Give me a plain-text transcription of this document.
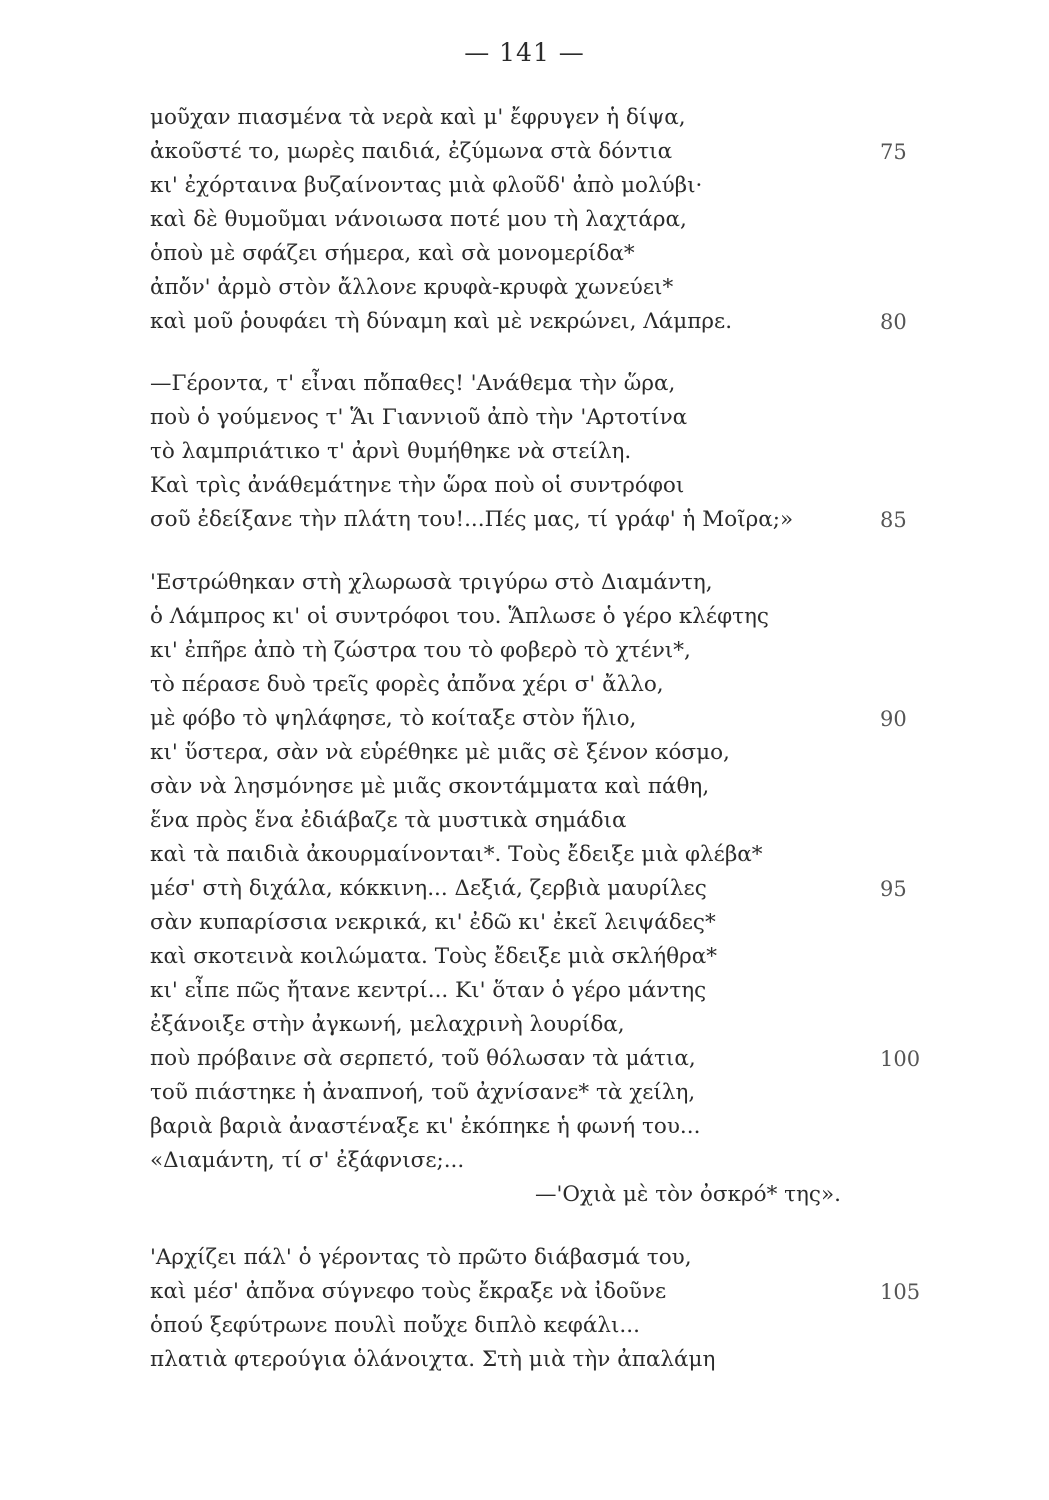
— 141 —
μοῦχαν πιασμένα τὰ νερὰ καὶ μ' ἔφρυγεν ἡ δίψα,
ἀκοῦστέ το, μωρὲς παιδιά, ἐζύμωνα στὰ δόντια	75
κι' ἐχόρταινα βυζαίνοντας μιὰ φλοῦδ' ἀπὸ μολύβι·
καὶ δὲ θυμοῦμαι νάνοιωσα ποτέ μου τὴ λαχτάρα,
ὁποὺ μὲ σφάζει σήμερα, καὶ σὰ μονομερίδα*
ἀπὄν' ἀρμὸ στὸν ἄλλονε κρυφὰ-κρυφὰ χωνεύει*
καὶ μοῦ ῥουφάει τὴ δύναμη καὶ μὲ νεκρώνει, Λάμπρε.	80
—Γέροντα, τ' εἶναι πὄπαθες! 'Ανάθεμα τὴν ὥρα,
ποὺ ὁ γούμενος τ' Ἅι Γιαννιοῦ ἀπὸ τὴν 'Αρτοτίνα
τὸ λαμπριάτικο τ' ἀρνὶ θυμήθηκε νὰ στείλη.
Καὶ τρὶς ἀνάθεμάτηνε τὴν ὥρα ποὺ οἱ συντρόφοι
σοῦ ἐδείξανε τὴν πλάτη του!...Πές μας, τί γράφ' ἡ Μοῖρα;»	85
'Εστρώθηκαν στὴ χλωρωσὰ τριγύρω στὸ Διαμάντη,
ὁ Λάμπρος κι' οἱ συντρόφοι του. Ἅπλωσε ὁ γέρο κλέφτης
κι' ἐπῆρε ἀπὸ τὴ ζώστρα του τὸ φοβερὸ τὸ χτένι*,
τὸ πέρασε δυὸ τρεῖς φορὲς ἀπὄνα χέρι σ' ἄλλο,
μὲ φόβο τὸ ψηλάφησε, τὸ κοίταξε στὸν ἥλιο,	90
κι' ὕστερα, σὰν νὰ εὑρέθηκε μὲ μιᾶς σὲ ξένον κόσμο,
σὰν νὰ λησμόνησε μὲ μιᾶς σκοντάμματα καὶ πάθη,
ἕνα πρὸς ἕνα ἐδιάβαζε τὰ μυστικὰ σημάδια
καὶ τὰ παιδιὰ ἀκουρμαίνονται*. Τοὺς ἔδειξε μιὰ φλέβα*
μέσ' στὴ διχάλα, κόκκινη... Δεξιά, ζερβιὰ μαυρίλες	95
σὰν κυπαρίσσια νεκρικά, κι' ἐδῶ κι' ἐκεῖ λειψάδες*
καὶ σκοτεινὰ κοιλώματα. Τοὺς ἔδειξε μιὰ σκλήθρα*
κι' εἶπε πῶς ἤτανε κεντρί... Κι' ὅταν ὁ γέρο μάντης
ἐξάνοιξε στὴν ἀγκωνή, μελαχρινὴ λουρίδα,
ποὺ πρόβαινε σὰ σερπετό, τοῦ θόλωσαν τὰ μάτια,	100
τοῦ πιάστηκε ἡ ἀναπνοή, τοῦ ἀχνίσανε* τὰ χείλη,
βαριὰ βαριὰ ἀναστέναξε κι' ἐκόπηκε ἡ φωνή του...
«Διαμάντη, τί σ' ἐξάφνισε;...
—'Οχιὰ μὲ τὸν ὀσκρό* της».
'Αρχίζει πάλ' ὁ γέροντας τὸ πρῶτο διάβασμά του,
καὶ μέσ' ἀπὄνα σύγνεφο τοὺς ἔκραξε νὰ ἰδοῦνε	105
ὁπού ξεφύτρωνε πουλὶ ποὔχε διπλὸ κεφάλι...
πλατιὰ φτερούγια ὁλάνοιχτα. Στὴ μιὰ τὴν ἀπαλάμη
